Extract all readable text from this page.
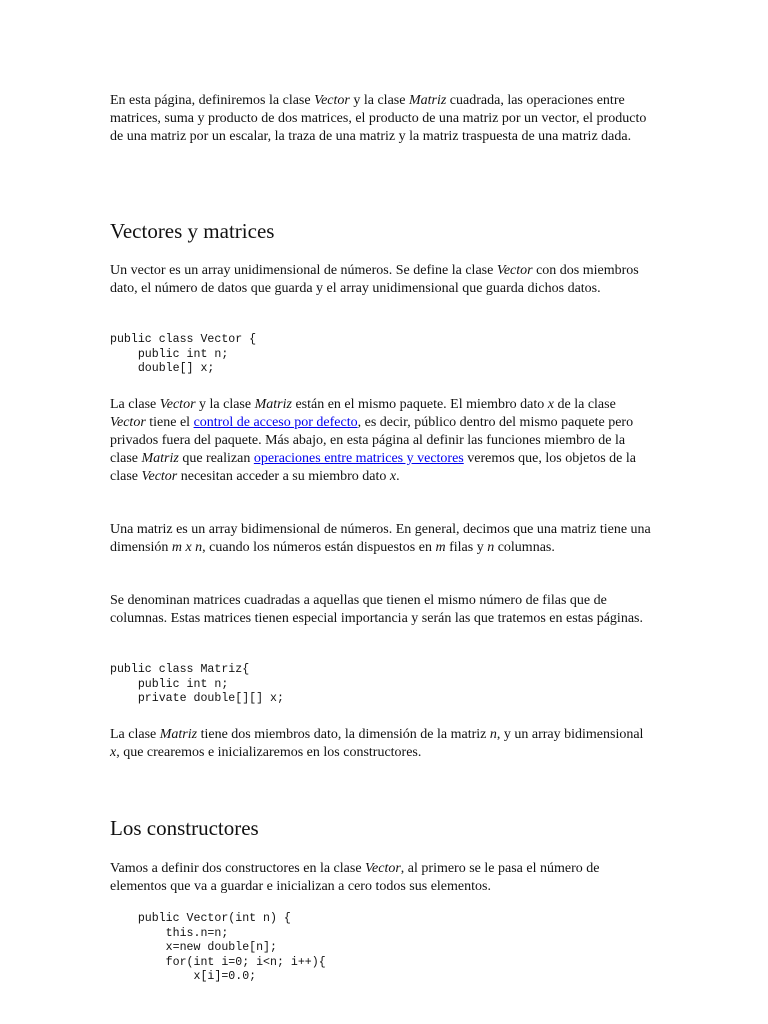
En esta página, definiremos la clase Vector y la clase Matriz cuadrada, las operaciones entre matrices, suma y producto de dos matrices, el producto de una matriz por un vector, el producto de una matriz por un escalar, la traza de una matriz y la matriz traspuesta de una matriz dada.

Vectores y matrices

Un vector es un array unidimensional de números. Se define la clase Vector con dos miembros dato, el número de datos que guarda y el array unidimensional que guarda dichos datos.

public class Vector {
public int n;
double[] x;

La clase Vector y la clase Matriz están en el mismo paquete. El miembro dato x de la clase Vector tiene el control de acceso por defecto, es decir, público dentro del mismo paquete pero privados fuera del paquete. Más abajo, en esta página al definir las funciones miembro de la clase Matriz que realizan operaciones entre matrices y vectores veremos que, los objetos de la clase Vector necesitan acceder a su miembro dato x.

Una matriz es un array bidimensional de números. En general, decimos que una matriz tiene una dimensión m x n, cuando los números están dispuestos en m filas y n columnas.

Se denominan matrices cuadradas a aquellas que tienen el mismo número de filas que de columnas. Estas matrices tienen especial importancia y serán las que tratemos en estas páginas.

public class Matriz{
public int n;
private double[][] x;

La clase Matriz tiene dos miembros dato, la dimensión de la matriz n, y un array bidimensional x, que crearemos e inicializaremos en los constructores.

Los constructores

Vamos a definir dos constructores en la clase Vector, al primero se le pasa el número de elementos que va a guardar e inicializan a cero todos sus elementos.

public Vector(int n) {
this.n=n;
x=new double[n];
for(int i=0; i<n; i++){
x[i]=0.0;
